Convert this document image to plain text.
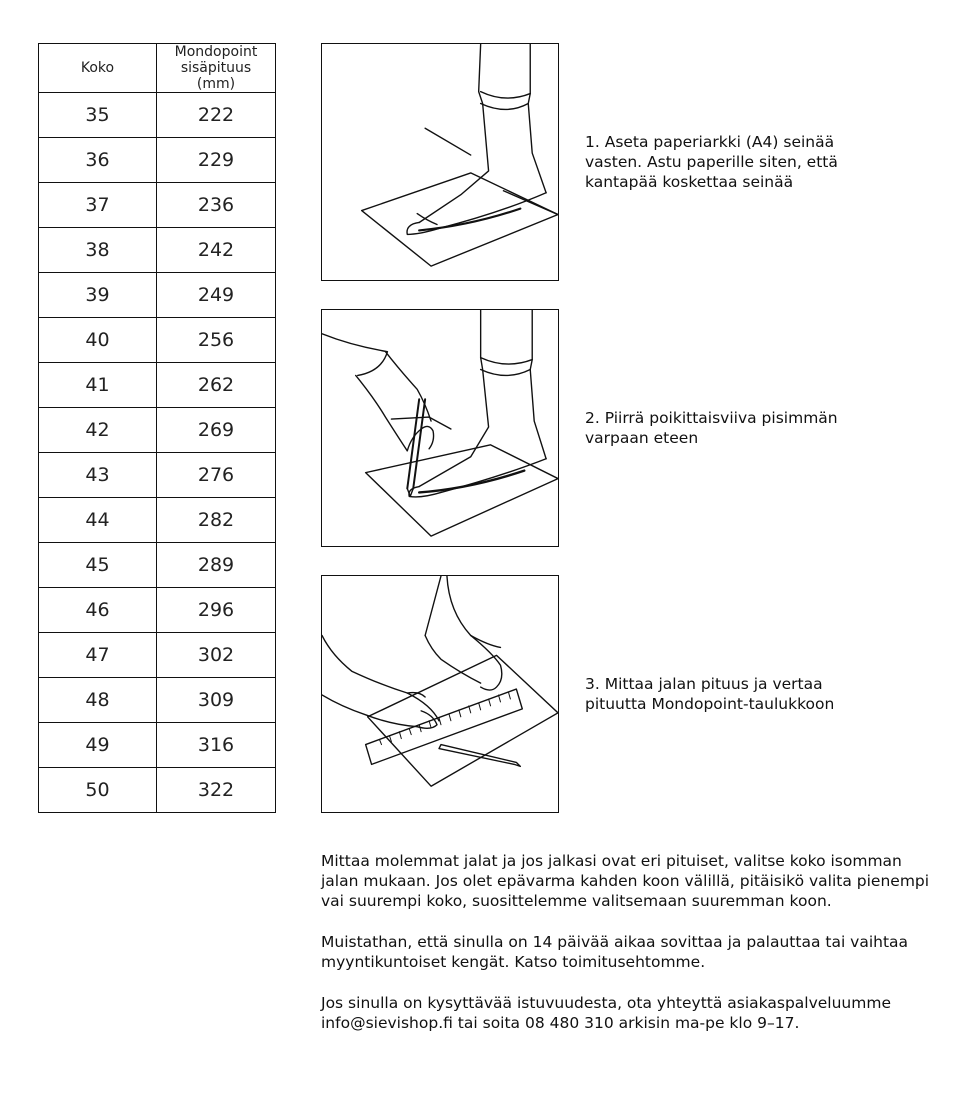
Koko	Mondopoint sisäpituus (mm)
35	222
36	229
37	236
38	242
39	249
40	256
41	262
42	269
43	276
44	282
45	289
46	296
47	302
48	309
49	316
50	322
1. Aseta paperiarkki (A4) seinää vasten. Astu paperille siten, että kantapää koskettaa seinää
2. Piirrä poikittaisviiva pisimmän varpaan eteen
3. Mittaa jalan pituus ja vertaa pituutta Mondopoint-taulukkoon

Mittaa molemmat jalat ja jos jalkasi ovat eri pituiset, valitse koko isomman jalan mukaan. Jos olet epävarma kahden koon välillä, pitäisikö valita pienempi vai suurempi koko, suosittelemme valitsemaan suuremman koon.

Muistathan, että sinulla on 14 päivää aikaa sovittaa ja palauttaa tai vaihtaa myyntikuntoiset kengät. Katso toimitusehtomme.

Jos sinulla on kysyttävää istuvuudesta, ota yhteyttä asiakaspalveluumme info@sievishop.fi tai soita 08 480 310 arkisin ma-pe klo 9–17.
